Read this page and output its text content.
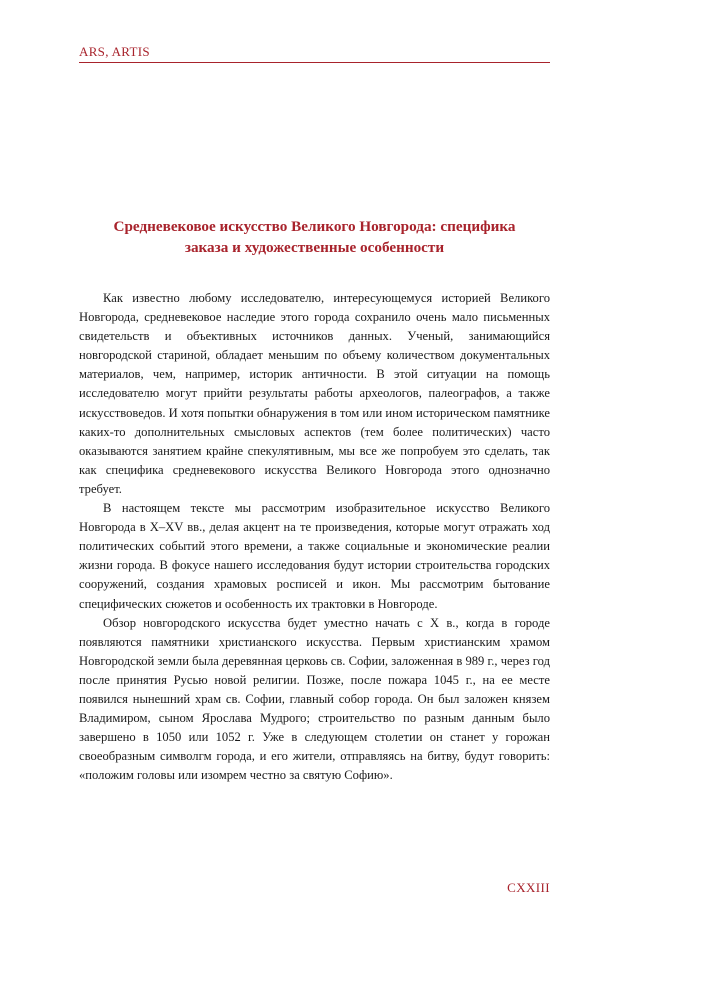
ARS, ARTIS
Средневековое искусство Великого Новгорода: специфика
заказа и художественные особенности

Как известно любому исследователю, интересующемуся историей Великого Новгорода, средневековое наследие этого города сохранило очень мало письменных свидетельств и объективных источников данных. Ученый, занимающийся новгородской стариной, обладает меньшим по объему количеством документальных материалов, чем, например, историк античности. В этой ситуации на помощь исследователю могут прийти результаты работы археологов, палеографов, а также искусствоведов. И хотя попытки обнаружения в том или ином историческом памятнике каких-то дополнительных смысловых аспектов (тем более политических) часто оказываются занятием крайне спекулятивным, мы все же попробуем это сделать, так как специфика средневекового искусства Великого Новгорода этого однозначно требует.

В настоящем тексте мы рассмотрим изобразительное искусство Великого Новгорода в X–XV вв., делая акцент на те произведения, которые могут отражать ход политических событий этого времени, а также социальные и экономические реалии жизни города. В фокусе нашего исследования будут истории строительства городских сооружений, создания храмовых росписей и икон. Мы рассмотрим бытование специфических сюжетов и особенность их трактовки в Новгороде.

Обзор новгородского искусства будет уместно начать с X в., когда в городе появляются памятники христианского искусства. Первым христианским храмом Новгородской земли была деревянная церковь св. Софии, заложенная в 989 г., через год после принятия Русью новой религии. Позже, после пожара 1045 г., на ее месте появился нынешний храм св. Софии, главный собор города. Он был заложен князем Владимиром, сыном Ярослава Мудрого; строительство по разным данным было завершено в 1050 или 1052 г. Уже в следующем столетии он станет у горожан своеобразным символгм города, и его жители, отправляясь на битву, будут говорить: «положим головы или изомрем честно за святую Софию».

CXXIII
